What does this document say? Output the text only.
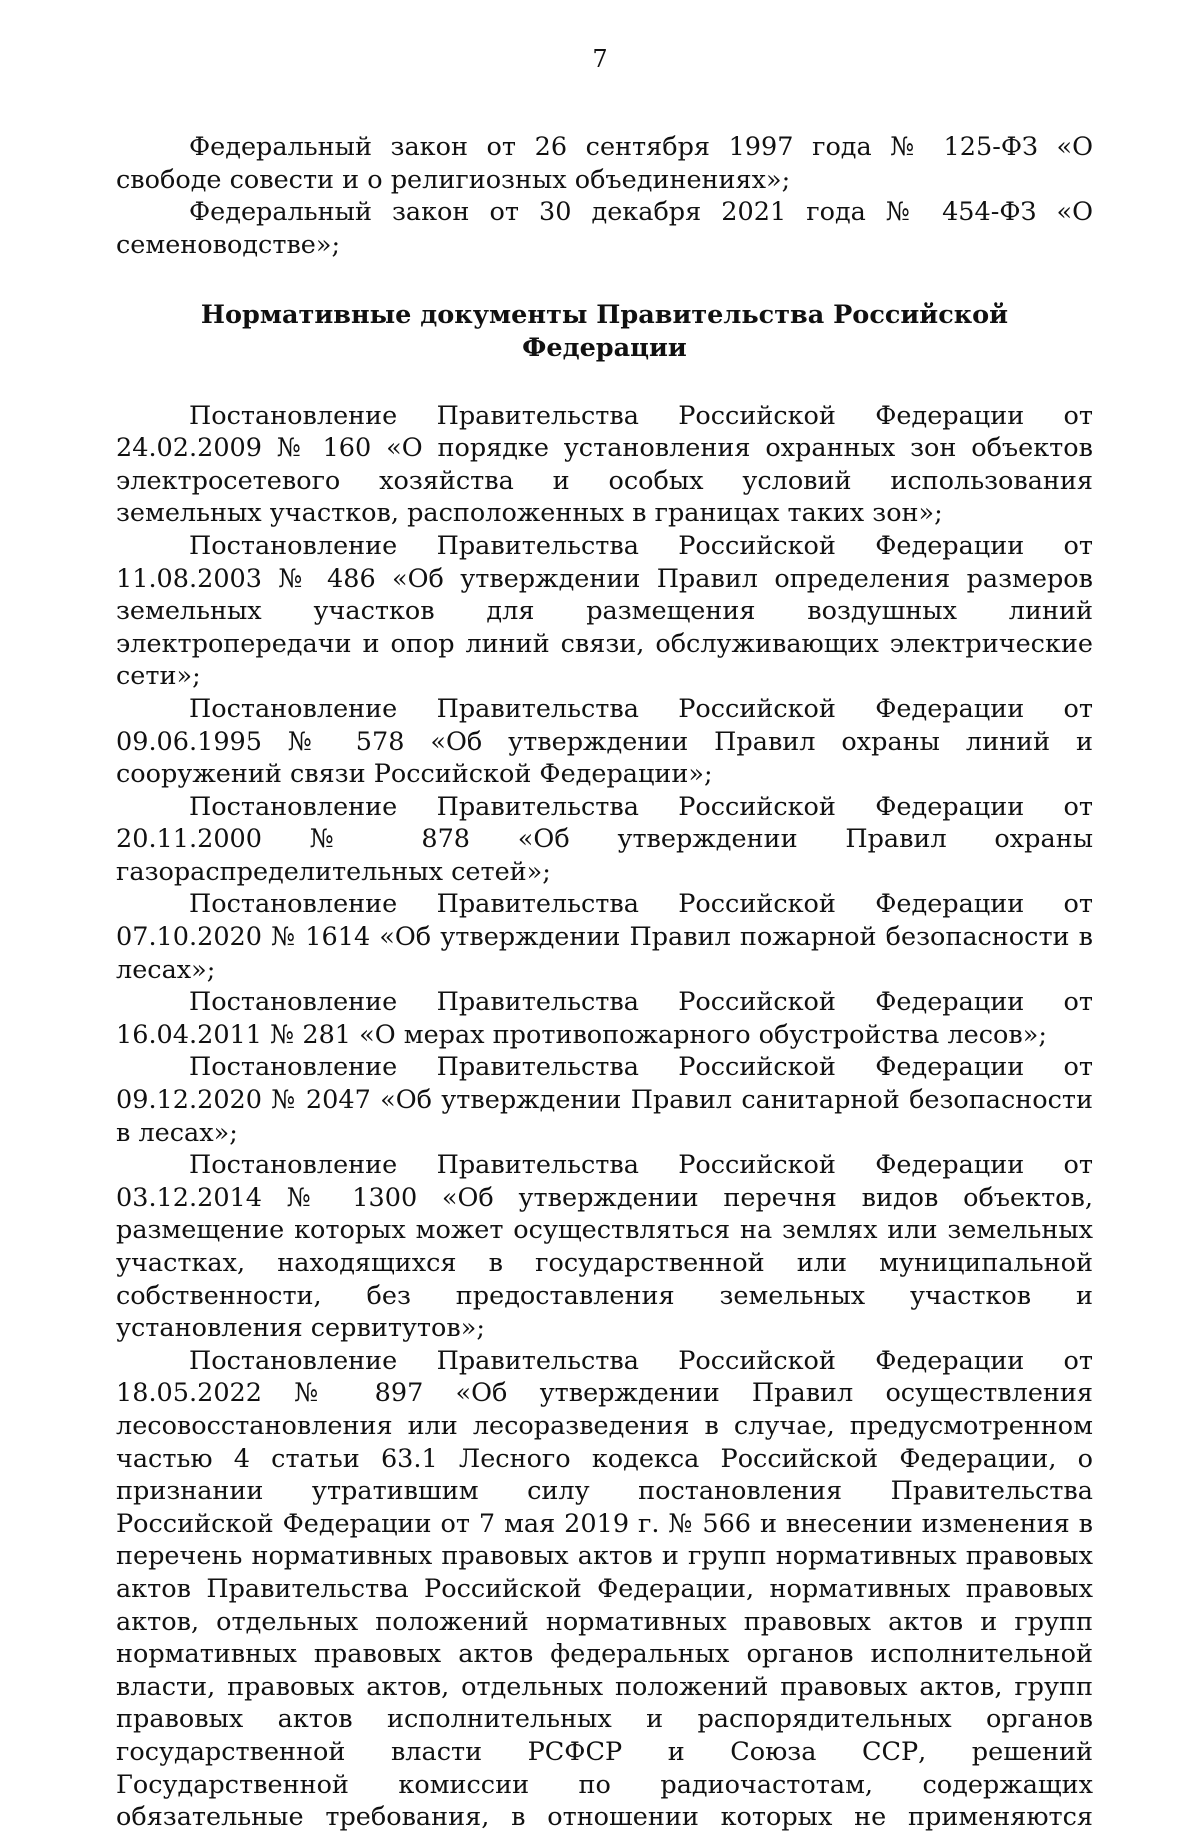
7

Федеральный закон от 26 сентября 1997 года № 125-ФЗ «О свободе совести и о религиозных объединениях»;

Федеральный закон от 30 декабря 2021 года № 454-ФЗ «О семеноводстве»;

Нормативные документы Правительства Российской Федерации

Постановление Правительства Российской Федерации от 24.02.2009 № 160 «О порядке установления охранных зон объектов электросетевого хозяйства и особых условий использования земельных участков, расположенных в границах таких зон»;

Постановление Правительства Российской Федерации от 11.08.2003 № 486 «Об утверждении Правил определения размеров земельных участков для размещения воздушных линий электропередачи и опор линий связи, обслуживающих электрические сети»;

Постановление Правительства Российской Федерации от 09.06.1995 № 578 «Об утверждении Правил охраны линий и сооружений связи Российской Федерации»;

Постановление Правительства Российской Федерации от 20.11.2000 № 878 «Об утверждении Правил охраны газораспределительных сетей»;

Постановление Правительства Российской Федерации от 07.10.2020 № 1614 «Об утверждении Правил пожарной безопасности в лесах»;

Постановление Правительства Российской Федерации от 16.04.2011 № 281 «О мерах противопожарного обустройства лесов»;

Постановление Правительства Российской Федерации от 09.12.2020 № 2047 «Об утверждении Правил санитарной безопасности в лесах»;

Постановление Правительства Российской Федерации от 03.12.2014 № 1300 «Об утверждении перечня видов объектов, размещение которых может осуществляться на землях или земельных участках, находящихся в государственной или муниципальной собственности, без предоставления земельных участков и установления сервитутов»;

Постановление Правительства Российской Федерации от 18.05.2022 № 897 «Об утверждении Правил осуществления лесовосстановления или лесоразведения в случае, предусмотренном частью 4 статьи 63.1 Лесного кодекса Российской Федерации, о признании утратившим силу постановления Правительства Российской Федерации от 7 мая 2019 г. № 566 и внесении изменения в перечень нормативных правовых актов и групп нормативных правовых актов Правительства Российской Федерации, нормативных правовых актов, отдельных положений нормативных правовых актов и групп нормативных правовых актов федеральных органов исполнительной власти, правовых актов, отдельных положений правовых актов, групп правовых актов исполнительных и распорядительных органов государственной власти РСФСР и Союза ССР, решений Государственной комиссии по радиочастотам, содержащих обязательные требования, в отношении которых не применяются
